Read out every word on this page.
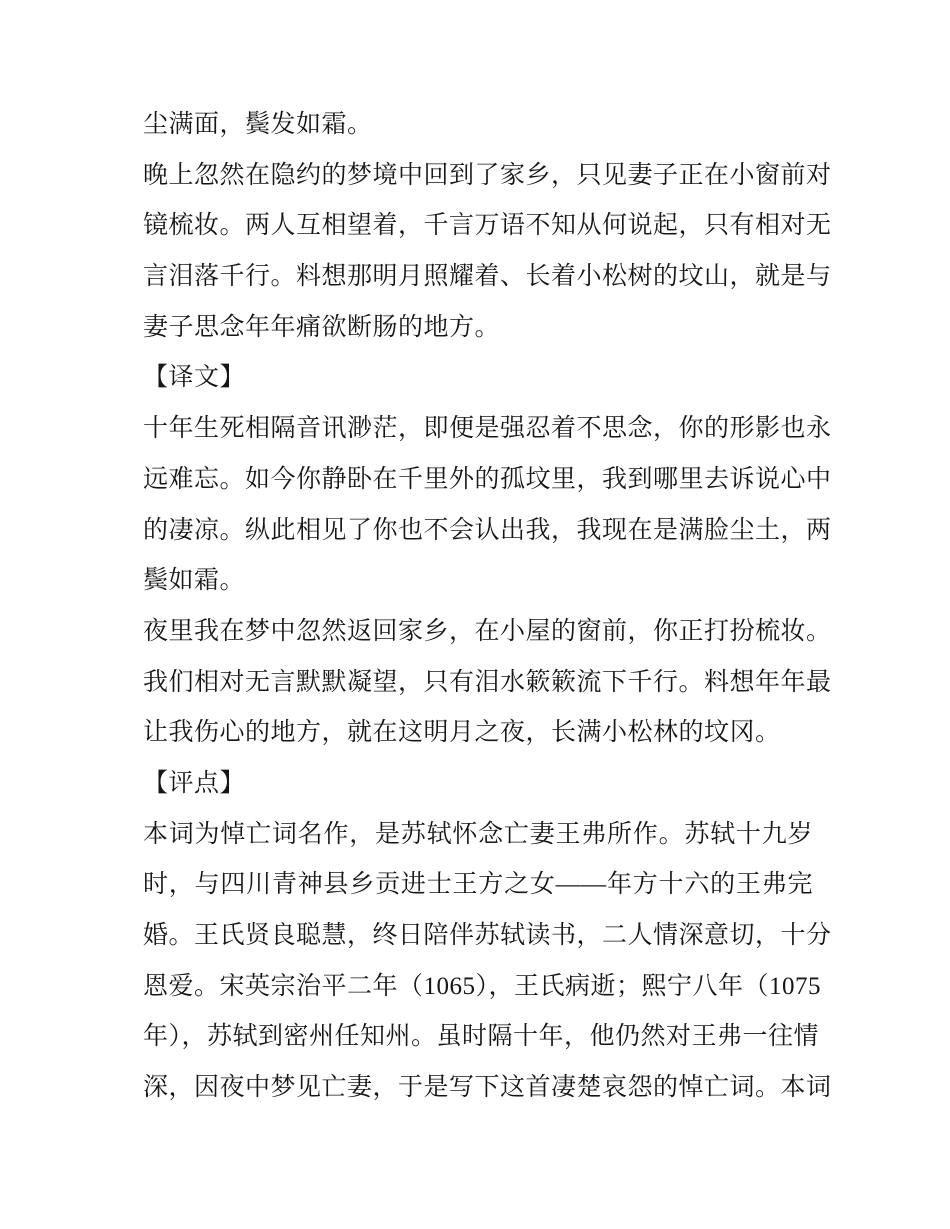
尘满面，鬓发如霜。
晚上忽然在隐约的梦境中回到了家乡，只见妻子正在小窗前对
镜梳妆。两人互相望着，千言万语不知从何说起，只有相对无
言泪落千行。料想那明月照耀着、长着小松树的坟山，就是与
妻子思念年年痛欲断肠的地方。
【译文】
十年生死相隔音讯渺茫，即便是强忍着不思念，你的形影也永
远难忘。如今你静卧在千里外的孤坟里，我到哪里去诉说心中
的凄凉。纵此相见了你也不会认出我，我现在是满脸尘土，两
鬓如霜。
夜里我在梦中忽然返回家乡，在小屋的窗前，你正打扮梳妆。
我们相对无言默默凝望，只有泪水簌簌流下千行。料想年年最
让我伤心的地方，就在这明月之夜，长满小松林的坟冈。
【评点】
本词为悼亡词名作，是苏轼怀念亡妻王弗所作。苏轼十九岁
时，与四川青神县乡贡进士王方之女——年方十六的王弗完
婚。王氏贤良聪慧，终日陪伴苏轼读书，二人情深意切，十分
恩爱。宋英宗治平二年（1065），王氏病逝；熙宁八年（1075
年），苏轼到密州任知州。虽时隔十年，他仍然对王弗一往情
深，因夜中梦见亡妻，于是写下这首凄楚哀怨的悼亡词。本词
